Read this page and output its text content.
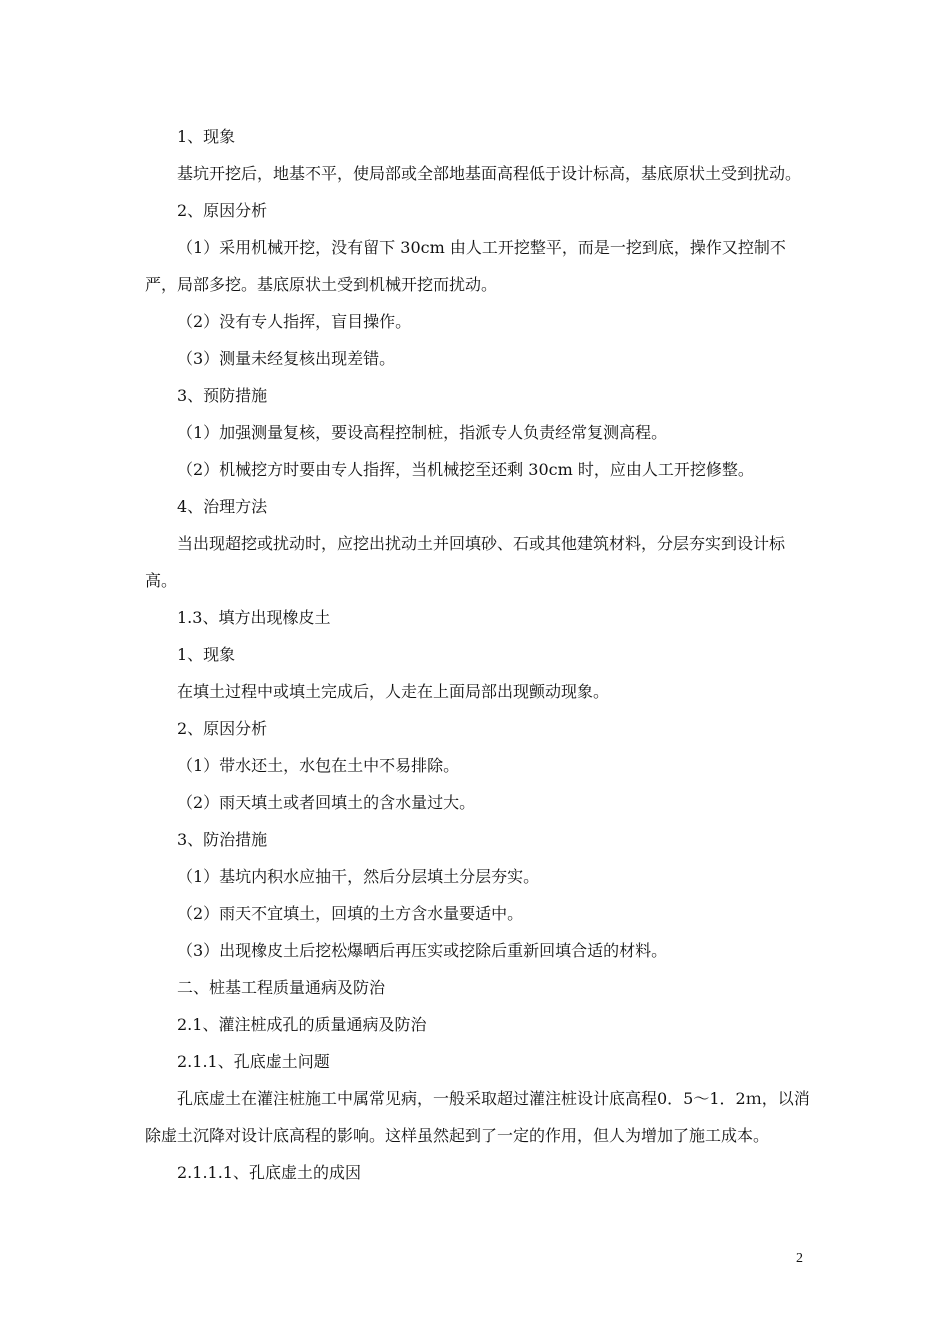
1、现象

基坑开挖后，地基不平，使局部或全部地基面高程低于设计标高，基底原状土受到扰动。

2、原因分析

（1）采用机械开挖，没有留下 30cm 由人工开挖整平，而是一挖到底，操作又控制不严，局部多挖。基底原状土受到机械开挖而扰动。

（2）没有专人指挥，盲目操作。

（3）测量未经复核出现差错。

3、预防措施

（1）加强测量复核，要设高程控制桩，指派专人负责经常复测高程。

（2）机械挖方时要由专人指挥，当机械挖至还剩 30cm 时，应由人工开挖修整。

4、治理方法

当出现超挖或扰动时，应挖出扰动土并回填砂、石或其他建筑材料，分层夯实到设计标高。

1.3、填方出现橡皮土

1、现象

在填土过程中或填土完成后，人走在上面局部出现颤动现象。

2、原因分析

（1）带水还土，水包在土中不易排除。

（2）雨天填土或者回填土的含水量过大。

3、防治措施

（1）基坑内积水应抽干，然后分层填土分层夯实。

（2）雨天不宜填土，回填的土方含水量要适中。

（3）出现橡皮土后挖松爆晒后再压实或挖除后重新回填合适的材料。

二、桩基工程质量通病及防治

2.1、灌注桩成孔的质量通病及防治

2.1.1、孔底虚土问题

孔底虚土在灌注桩施工中属常见病，一般采取超过灌注桩设计底高程0．5～1．2ｍ，以消除虚土沉降对设计底高程的影响。这样虽然起到了一定的作用，但人为增加了施工成本。

2.1.1.1、孔底虚土的成因

2
